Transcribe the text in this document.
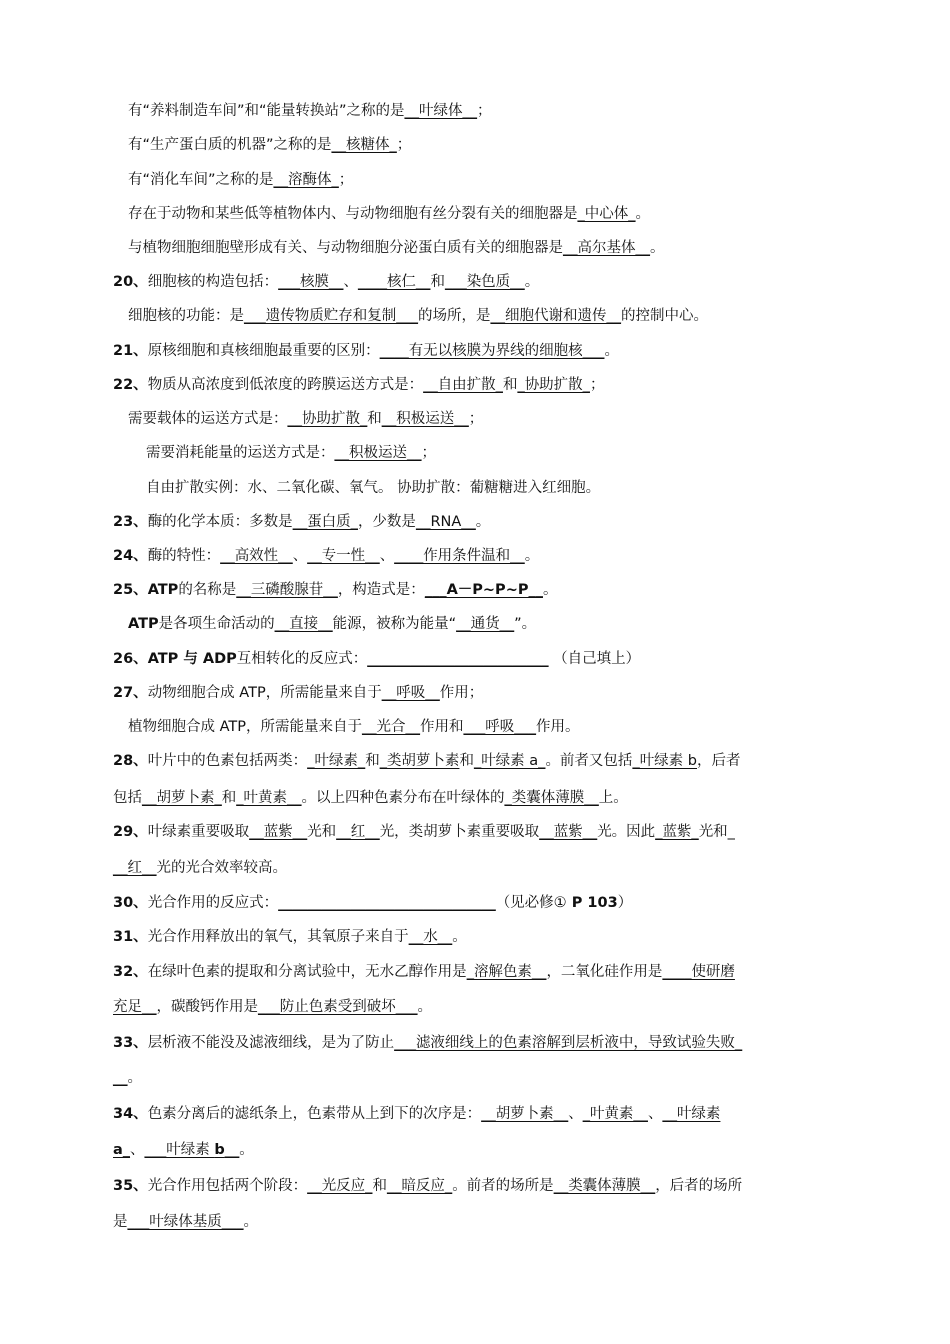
有“养料制造车间”和“能量转换站”之称的是__叶绿体__；
有“生产蛋白质的机器”之称的是__核糖体_；
有“消化车间”之称的是__溶酶体_；
存在于动物和某些低等植物体内、与动物细胞有丝分裂有关的细胞器是_中心体_。
与植物细胞细胞壁形成有关、与动物细胞分泌蛋白质有关的细胞器是__高尔基体__。
20、细胞核的构造包括：___核膜__、____核仁__和___染色质__。
细胞核的功能：是___遗传物质贮存和复制___的场所，是__细胞代谢和遗传__的控制中心。
21、原核细胞和真核细胞最重要的区别：____有无以核膜为界线的细胞核___。
22、物质从高浓度到低浓度的跨膜运送方式是：__自由扩散_和_协助扩散_；
需要载体的运送方式是：__协助扩散_和__积极运送__；
需要消耗能量的运送方式是：__积极运送__；
自由扩散实例：水、二氧化碳、氧气。 协助扩散：葡糖糖进入红细胞。
23、酶的化学本质：多数是__蛋白质_，少数是__RNA__。
24、酶的特性：__高效性__、__专一性__、____作用条件温和__。
25、ATP的名称是__三磷酸腺苷__，构造式是：___A－P~P~P__。
ATP是各项生命活动的__直接__能源，被称为能量“__通货__”。
26、ATP 与 ADP互相转化的反应式：_________________________ （自己填上）
27、动物细胞合成 ATP，所需能量来自于__呼吸__作用；
植物细胞合成 ATP，所需能量来自于__光合__作用和___呼吸___作用。
28、叶片中的色素包括两类：_叶绿素_和_类胡萝卜素和_叶绿素 a_。前者又包括_叶绿素 b，后者
包括__胡萝卜素_和_叶黄素__。以上四种色素分布在叶绿体的_类囊体薄膜__上。
29、叶绿素重要吸取__蓝紫__光和__红__光，类胡萝卜素重要吸取__蓝紫__光。因此_蓝紫_光和_
__红__光的光合效率较高。
30、光合作用的反应式：______________________________（见必修① P 103）
31、光合作用释放出的氧气，其氧原子来自于__水__。
32、在绿叶色素的提取和分离试验中，无水乙醇作用是_溶解色素__，二氧化硅作用是____使研磨
充足__，碳酸钙作用是___防止色素受到破坏___。
33、层析液不能没及滤液细线，是为了防止___滤液细线上的色素溶解到层析液中，导致试验失败_
__。
34、色素分离后的滤纸条上，色素带从上到下的次序是：__胡萝卜素__、_叶黄素__、__叶绿素
a_、___叶绿素 b__。
35、光合作用包括两个阶段：__光反应_和__暗反应_。前者的场所是__类囊体薄膜__，后者的场所
是___叶绿体基质___。
